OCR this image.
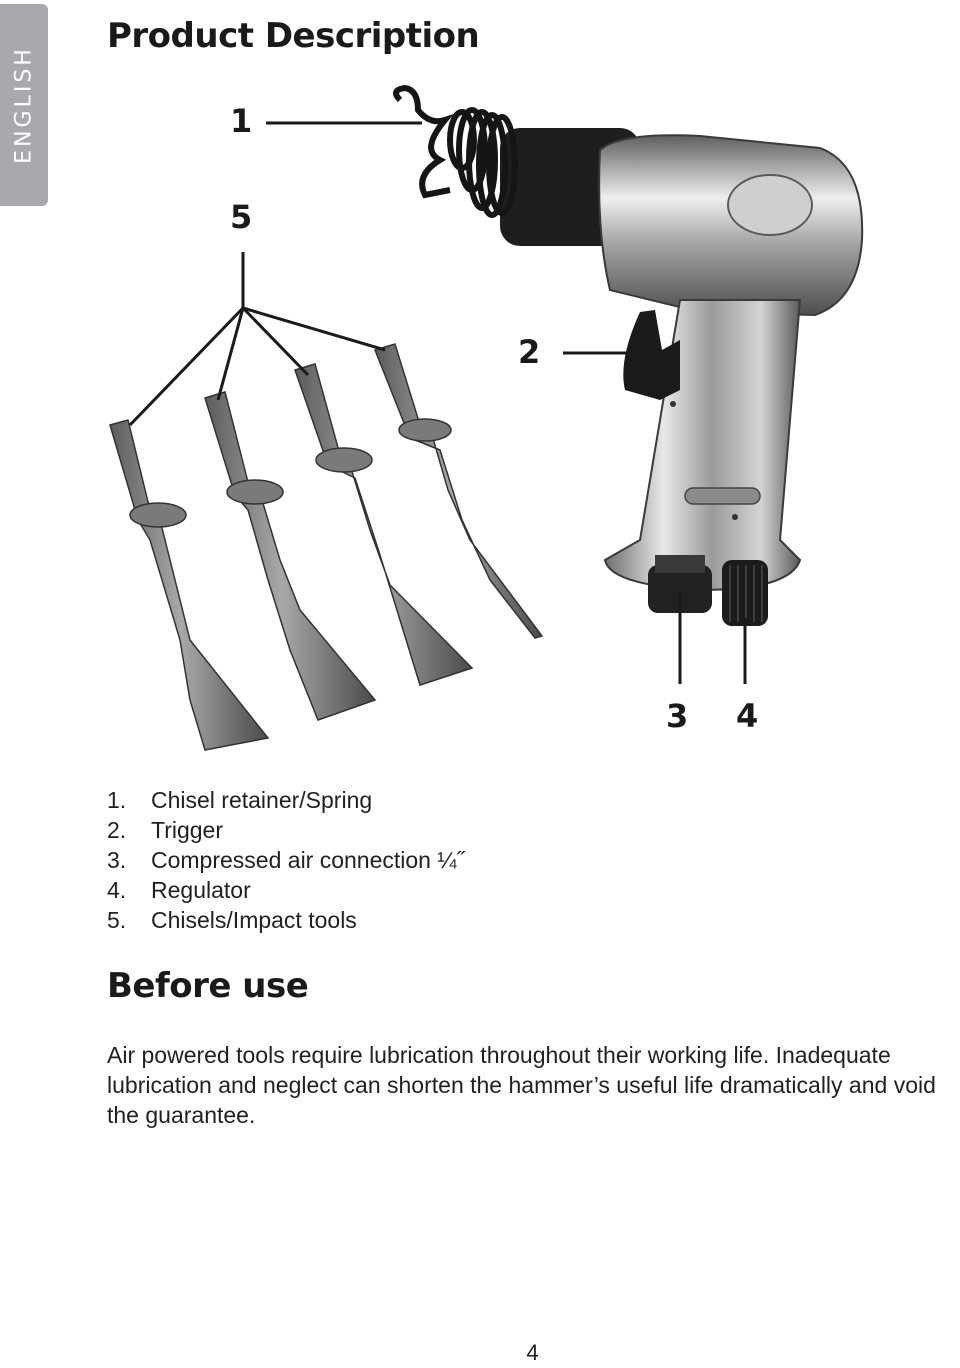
ENGLISH
Product Description
1
5
2
3 4
1.	Chisel retainer/Spring
2.	Trigger
3.	Compressed air connection ¼˝
4.	Regulator
5.	Chisels/Impact tools
Before use

Air powered tools require lubrication throughout their working life. Inadequate lubrication and neglect can shorten the hammer’s useful life dramatically and void the guarantee.

4
